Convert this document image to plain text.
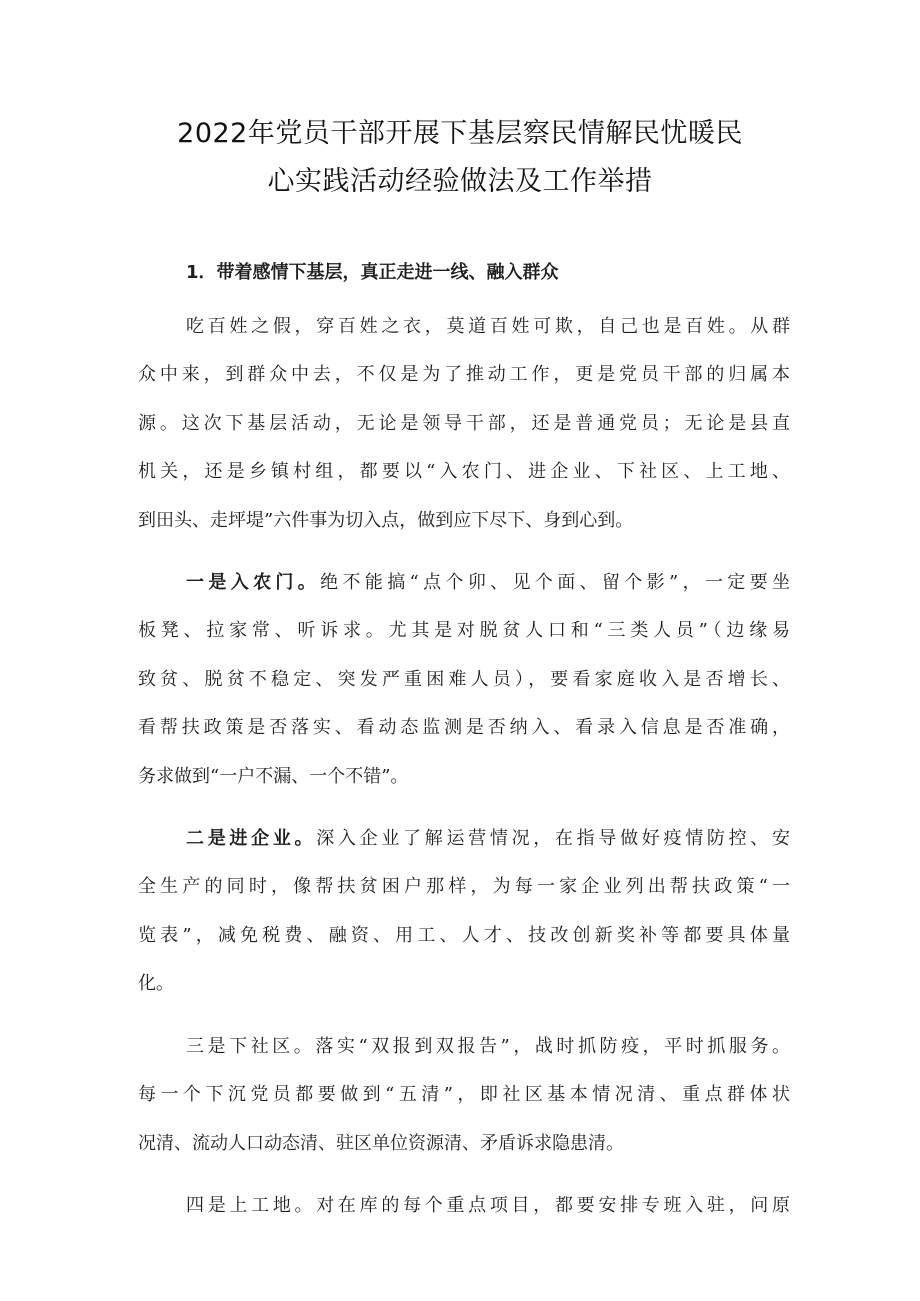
2022年党员干部开展下基层察民情解民忧暖民
心实践活动经验做法及工作举措
1．带着感情下基层，真正走进一线、融入群众
吃百姓之假，穿百姓之衣，莫道百姓可欺，自己也是百姓。从群
众中来，到群众中去，不仅是为了推动工作，更是党员干部的归属本
源。这次下基层活动，无论是领导干部，还是普通党员；无论是县直
机关，还是乡镇村组，都要以“入农门、进企业、下社区、上工地、
到田头、走坪堤”六件事为切入点，做到应下尽下、身到心到。
一是入农门。绝不能搞“点个卯、见个面、留个影”，一定要坐
板凳、拉家常、听诉求。尤其是对脱贫人口和“三类人员”（边缘易
致贫、脱贫不稳定、突发严重困难人员），要看家庭收入是否增长、
看帮扶政策是否落实、看动态监测是否纳入、看录入信息是否准确，
务求做到“一户不漏、一个不错”。
二是进企业。深入企业了解运营情况，在指导做好疫情防控、安
全生产的同时，像帮扶贫困户那样，为每一家企业列出帮扶政策“一
览表”，减免税费、融资、用工、人才、技改创新奖补等都要具体量
化。
三是下社区。落实“双报到双报告”，战时抓防疫，平时抓服务。
每一个下沉党员都要做到“五清”，即社区基本情况清、重点群体状
况清、流动人口动态清、驻区单位资源清、矛盾诉求隐患清。
四是上工地。对在库的每个重点项目，都要安排专班入驻，问原
